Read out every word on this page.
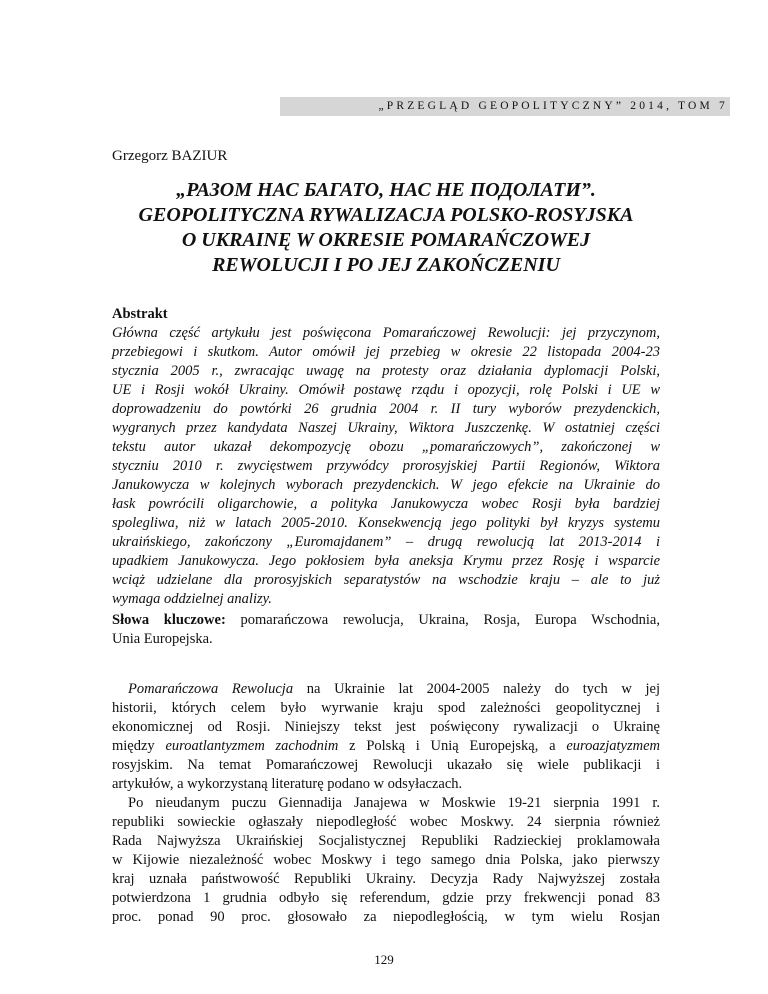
„PRZEGLĄD GEOPOLITYCZNY” 2014, TOM 7
Grzegorz BAZIUR
„РАЗОМ НАС БАГАТО, НАС НЕ ПОДОЛАТИ”.
GEOPOLITYCZNA RYWALIZACJA POLSKO-ROSYJSKA
O UKRAINĘ W OKRESIE POMARAŃCZOWEJ
REWOLUCJI I PO JEJ ZAKOŃCZENIU
Abstrakt
Główna część artykułu jest poświęcona Pomarańczowej Rewolucji: jej przyczynom,
przebiegowi i skutkom. Autor omówił jej przebieg w okresie 22 listopada 2004-23
stycznia 2005 r., zwracając uwagę na protesty oraz działania dyplomacji Polski,
UE i Rosji wokół Ukrainy. Omówił postawę rządu i opozycji, rolę Polski i UE w
doprowadzeniu do powtórki 26 grudnia 2004 r. II tury wyborów prezydenckich,
wygranych przez kandydata Naszej Ukrainy, Wiktora Juszczenkę. W ostatniej części
tekstu autor ukazał dekompozycję obozu „pomarańczowych”, zakończonej w
styczniu 2010 r. zwycięstwem przywódcy prorosyjskiej Partii Regionów, Wiktora
Janukowycza w kolejnych wyborach prezydenckich. W jego efekcie na Ukrainie do
łask powrócili oligarchowie, a polityka Janukowycza wobec Rosji była bardziej
spolegliwa, niż w latach 2005-2010. Konsekwencją jego polityki był kryzys systemu
ukraińskiego, zakończony „Euromajdanem” – drugą rewolucją lat 2013-2014 i
upadkiem Janukowycza. Jego pokłosiem była aneksja Krymu przez Rosję i wsparcie
wciąż udzielane dla prorosyjskich separatystów na wschodzie kraju – ale to już
wymaga oddzielnej analizy.
Słowa kluczowe: pomarańczowa rewolucja, Ukraina, Rosja, Europa Wschodnia,
Unia Europejska.
Pomarańczowa Rewolucja na Ukrainie lat 2004-2005 należy do tych w jej
historii, których celem było wyrwanie kraju spod zależności geopolitycznej i
ekonomicznej od Rosji. Niniejszy tekst jest poświęcony rywalizacji o Ukrainę
między euroatlantyzmem zachodnim z Polską i Unią Europejską, a euroazjatyzmem
rosyjskim. Na temat Pomarańczowej Rewolucji ukazało się wiele publikacji i
artykułów, a wykorzystaną literaturę podano w odsyłaczach.
Po nieudanym puczu Giennadija Janajewa w Moskwie 19-21 sierpnia 1991 r.
republiki sowieckie ogłaszały niepodległość wobec Moskwy. 24 sierpnia również
Rada Najwyższa Ukraińskiej Socjalistycznej Republiki Radzieckiej proklamowała
w Kijowie niezależność wobec Moskwy i tego samego dnia Polska, jako pierwszy
kraj uznała państwowość Republiki Ukrainy. Decyzja Rady Najwyższej została
potwierdzona 1 grudnia odbyło się referendum, gdzie przy frekwencji ponad 83
proc. ponad 90 proc. głosowało za niepodległością, w tym wielu Rosjan
129
